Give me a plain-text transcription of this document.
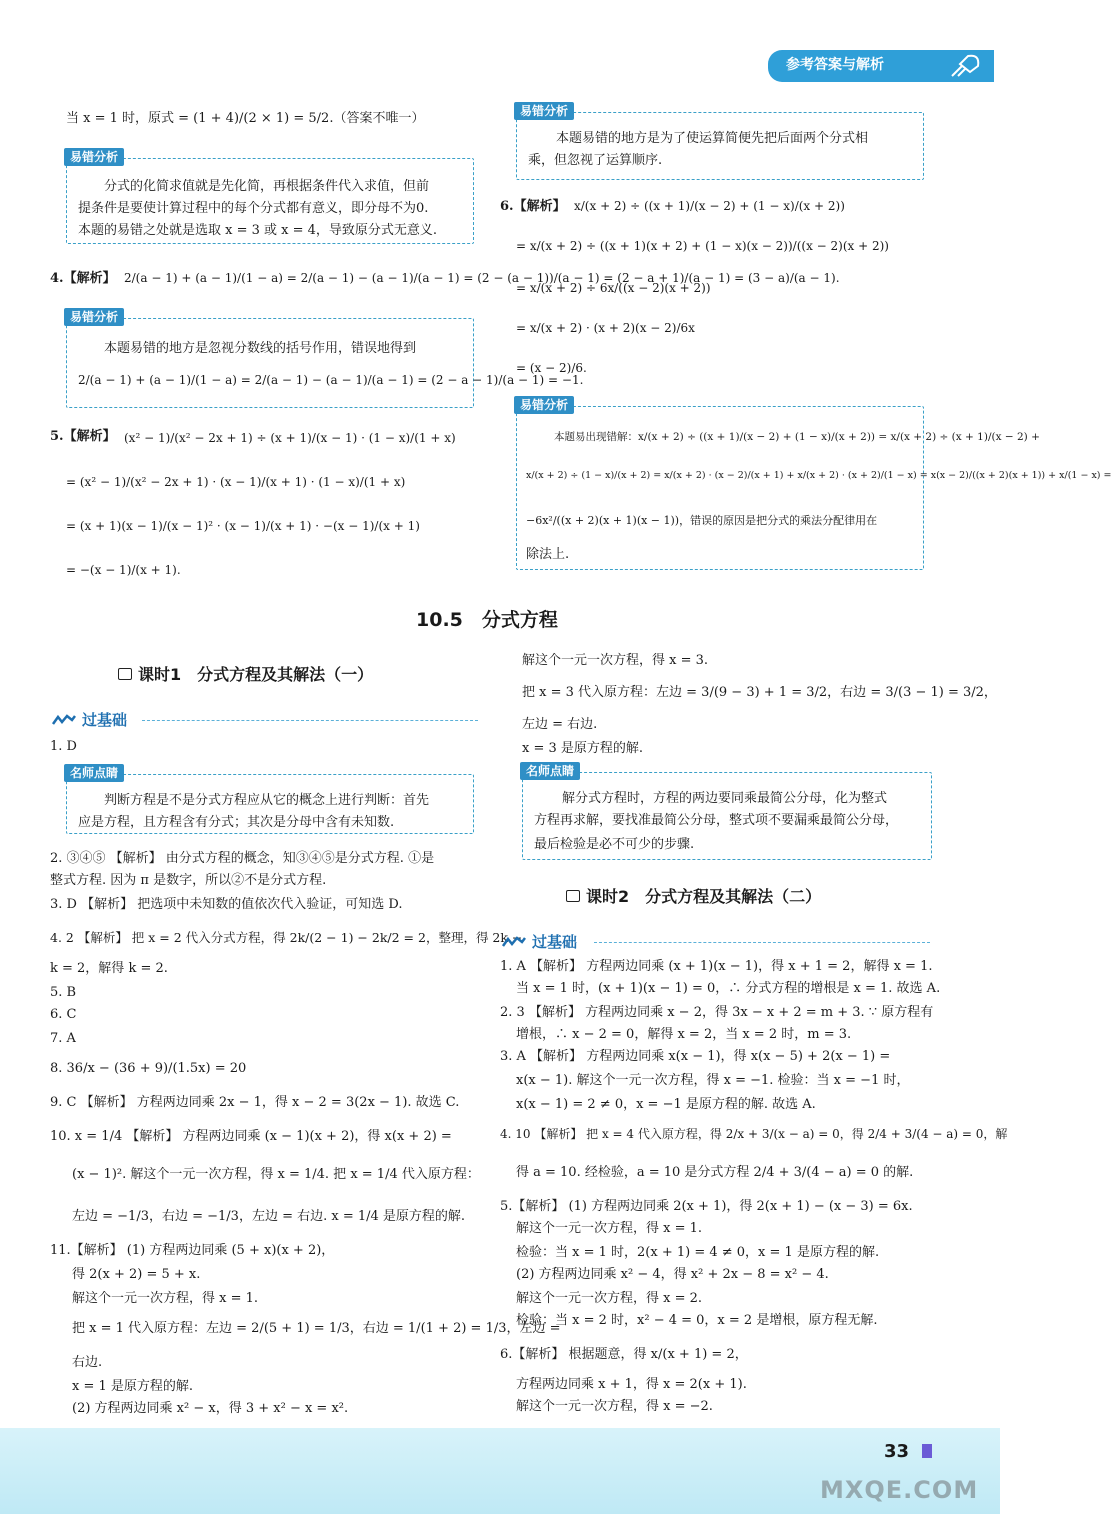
参考答案与解析
当 x = 1 时，原式 = (1 + 4)/(2 × 1) = 5/2.（答案不唯一）
易错分析
分式的化简求值就是先化简，再根据条件代入求值，但前
提条件是要使计算过程中的每个分式都有意义，即分母不为0.
本题的易错之处就是选取 x = 3 或 x = 4，导致原分式无意义.
4.【解析】 2/(a − 1) + (a − 1)/(1 − a) = 2/(a − 1) − (a − 1)/(a − 1) = (2 − (a − 1))/(a − 1) = (2 − a + 1)/(a − 1) = (3 − a)/(a − 1).
易错分析
本题易错的地方是忽视分数线的括号作用，错误地得到
2/(a − 1) + (a − 1)/(1 − a) = 2/(a − 1) − (a − 1)/(a − 1) = (2 − a − 1)/(a − 1) = −1.
5.【解析】 (x² − 1)/(x² − 2x + 1) ÷ (x + 1)/(x − 1) · (1 − x)/(1 + x)
= (x² − 1)/(x² − 2x + 1) · (x − 1)/(x + 1) · (1 − x)/(1 + x)
= (x + 1)(x − 1)/(x − 1)² · (x − 1)/(x + 1) · −(x − 1)/(x + 1)
= −(x − 1)/(x + 1).
易错分析
本题易错的地方是为了使运算简便先把后面两个分式相
乘，但忽视了运算顺序.
6.【解析】 x/(x + 2) ÷ ((x + 1)/(x − 2) + (1 − x)/(x + 2))
= x/(x + 2) ÷ ((x + 1)(x + 2) + (1 − x)(x − 2))/((x − 2)(x + 2))
= x/(x + 2) ÷ 6x/((x − 2)(x + 2))
= x/(x + 2) · (x + 2)(x − 2)/6x
= (x − 2)/6.
易错分析
本题易出现错解：x/(x + 2) ÷ ((x + 1)/(x − 2) + (1 − x)/(x + 2)) = x/(x + 2) ÷ (x + 1)/(x − 2) +
x/(x + 2) ÷ (1 − x)/(x + 2) = x/(x + 2) · (x − 2)/(x + 1) + x/(x + 2) · (x + 2)/(1 − x) = x(x − 2)/((x + 2)(x + 1)) + x/(1 − x) =
−6x²/((x + 2)(x + 1)(x − 1))，错误的原因是把分式的乘法分配律用在
除法上.
10.5　分式方程
课时1　分式方程及其解法（一）
过基础
1. D
名师点睛
判断方程是不是分式方程应从它的概念上进行判断：首先
应是方程，且方程含有分式；其次是分母中含有未知数.
2. ③④⑤ 【解析】 由分式方程的概念，知③④⑤是分式方程. ①是
整式方程. 因为 π 是数字，所以②不是分式方程.
3. D 【解析】 把选项中未知数的值依次代入验证，可知选 D.
4. 2 【解析】 把 x = 2 代入分式方程，得 2k/(2 − 1) − 2k/2 = 2，整理，得 2k −
k = 2，解得 k = 2.
5. B
6. C
7. A
8. 36/x − (36 + 9)/(1.5x) = 20
9. C 【解析】 方程两边同乘 2x − 1，得 x − 2 = 3(2x − 1). 故选 C.
10. x = 1/4 【解析】 方程两边同乘 (x − 1)(x + 2)，得 x(x + 2) =
(x − 1)². 解这个一元一次方程，得 x = 1/4. 把 x = 1/4 代入原方程：
左边 = −1/3，右边 = −1/3，左边 = 右边. x = 1/4 是原方程的解.
11.【解析】 (1) 方程两边同乘 (5 + x)(x + 2)，
得 2(x + 2) = 5 + x.
解这个一元一次方程，得 x = 1.
把 x = 1 代入原方程：左边 = 2/(5 + 1) = 1/3，右边 = 1/(1 + 2) = 1/3，左边 =
右边.
x = 1 是原方程的解.
(2) 方程两边同乘 x² − x，得 3 + x² − x = x².
解这个一元一次方程，得 x = 3.
把 x = 3 代入原方程：左边 = 3/(9 − 3) + 1 = 3/2，右边 = 3/(3 − 1) = 3/2，
左边 = 右边.
x = 3 是原方程的解.
名师点睛
解分式方程时，方程的两边要同乘最简公分母，化为整式
方程再求解，要找准最简公分母，整式项不要漏乘最简公分母，
最后检验是必不可少的步骤.
课时2　分式方程及其解法（二）
过基础
1. A 【解析】 方程两边同乘 (x + 1)(x − 1)，得 x + 1 = 2，解得 x = 1.
当 x = 1 时，(x + 1)(x − 1) = 0，∴ 分式方程的增根是 x = 1. 故选 A.
2. 3 【解析】 方程两边同乘 x − 2，得 3x − x + 2 = m + 3. ∵ 原方程有
增根，∴ x − 2 = 0，解得 x = 2，当 x = 2 时，m = 3.
3. A 【解析】 方程两边同乘 x(x − 1)，得 x(x − 5) + 2(x − 1) =
x(x − 1). 解这个一元一次方程，得 x = −1. 检验：当 x = −1 时，
x(x − 1) = 2 ≠ 0，x = −1 是原方程的解. 故选 A.
4. 10 【解析】 把 x = 4 代入原方程，得 2/x + 3/(x − a) = 0，得 2/4 + 3/(4 − a) = 0，解
得 a = 10. 经检验，a = 10 是分式方程 2/4 + 3/(4 − a) = 0 的解.
5.【解析】 (1) 方程两边同乘 2(x + 1)，得 2(x + 1) − (x − 3) = 6x.
解这个一元一次方程，得 x = 1.
检验：当 x = 1 时，2(x + 1) = 4 ≠ 0，x = 1 是原方程的解.
(2) 方程两边同乘 x² − 4，得 x² + 2x − 8 = x² − 4.
解这个一元一次方程，得 x = 2.
检验：当 x = 2 时，x² − 4 = 0，x = 2 是增根，原方程无解.
6.【解析】 根据题意，得 x/(x + 1) = 2，
方程两边同乘 x + 1，得 x = 2(x + 1).
解这个一元一次方程，得 x = −2.
33
MXQE.COM
